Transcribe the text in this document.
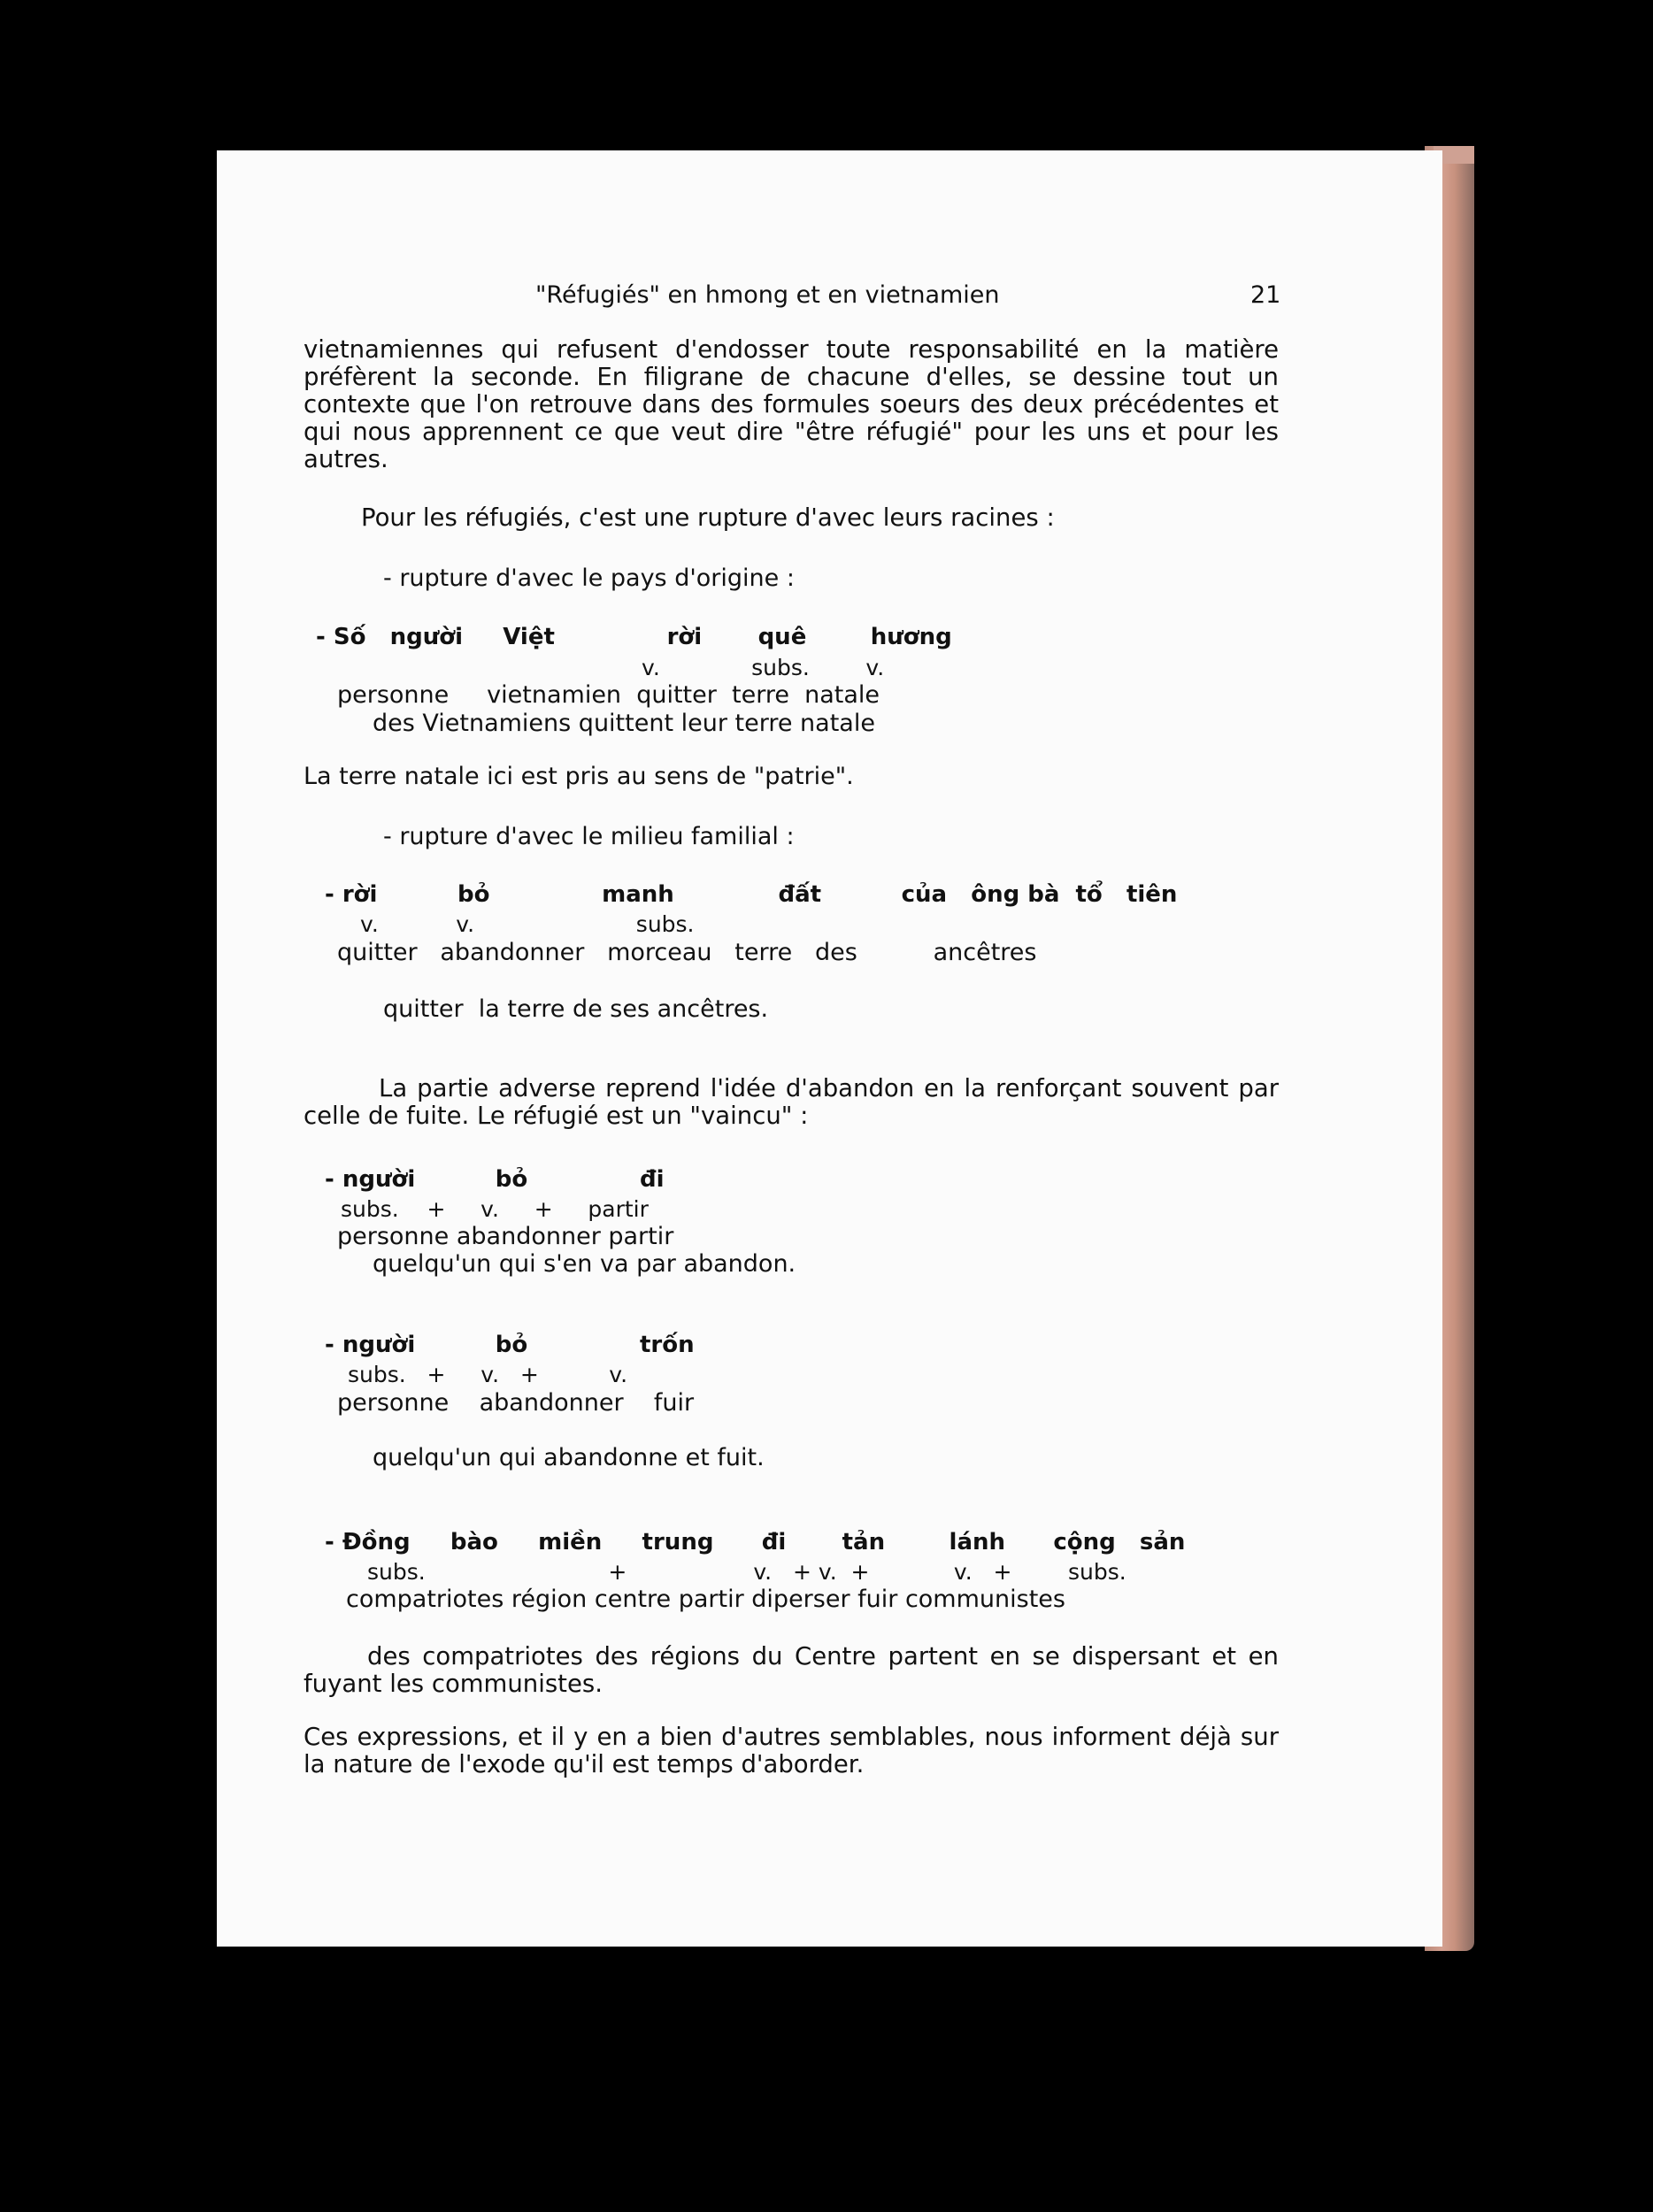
"Réfugiés" en hmong et en vietnamien	21
vietnamiennes qui refusent d'endosser toute responsabilité en la matière préfèrent la seconde. En filigrane de chacune d'elles, se dessine tout un contexte que l'on retrouve dans des formules soeurs des deux précédentes et qui nous apprennent ce que veut dire "être réfugié" pour les uns et pour les autres.
Pour les réfugiés, c'est une rupture d'avec leurs racines :
- rupture d'avec le pays d'origine :
- Số   người     Việt              rời       quê        hương
v.             subs.        v.
personne     vietnamien  quitter  terre  natale
des Vietnamiens quittent leur terre natale
La terre natale ici est pris au sens de "patrie".
- rupture d'avec le milieu familial :
- rời          bỏ              manh             đất          của   ông bà  tổ   tiên
v.           v.                       subs.
quitter   abandonner   morceau   terre   des          ancêtres
quitter  la terre de ses ancêtres.
La partie adverse reprend l'idée d'abandon en la renforçant souvent par celle de fuite. Le réfugié est un "vaincu" :
- người          bỏ              đi
subs.    +     v.     +     partir
personne abandonner partir
quelqu'un qui s'en va par abandon.
- người          bỏ              trốn
subs.   +     v.   +          v.
personne    abandonner    fuir
quelqu'un qui abandonne et fuit.
- Đồng     bào     miền     trung      đi       tản        lánh      cộng   sản
subs.                          +                  v.   + v.  +            v.   +        subs.
compatriotes région centre partir diperser fuir communistes
des compatriotes des régions du Centre partent en se dispersant et en fuyant les communistes.
Ces expressions, et il y en a bien d'autres semblables, nous informent déjà sur la nature de l'exode qu'il est temps d'aborder.
